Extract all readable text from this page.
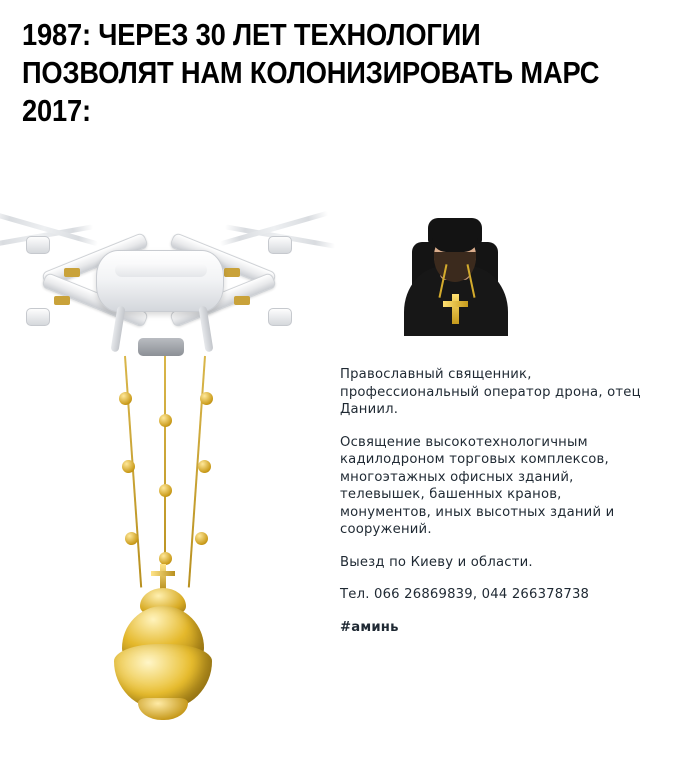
1987: ЧЕРЕЗ 30 ЛЕТ ТЕХНОЛОГИИ
ПОЗВОЛЯТ НАМ КОЛОНИЗИРОВАТЬ МАРС
2017:

Православный священник, профессиональный оператор дрона, отец Даниил.

Освящение высокотехнологичным кадилодроном торговых комплексов, многоэтажных офисных зданий, телевышек, башенных кранов, монументов, иных высотных зданий и сооружений.

Выезд по Киеву и области.

Тел. 066 26869839, 044 266378738

#аминь
